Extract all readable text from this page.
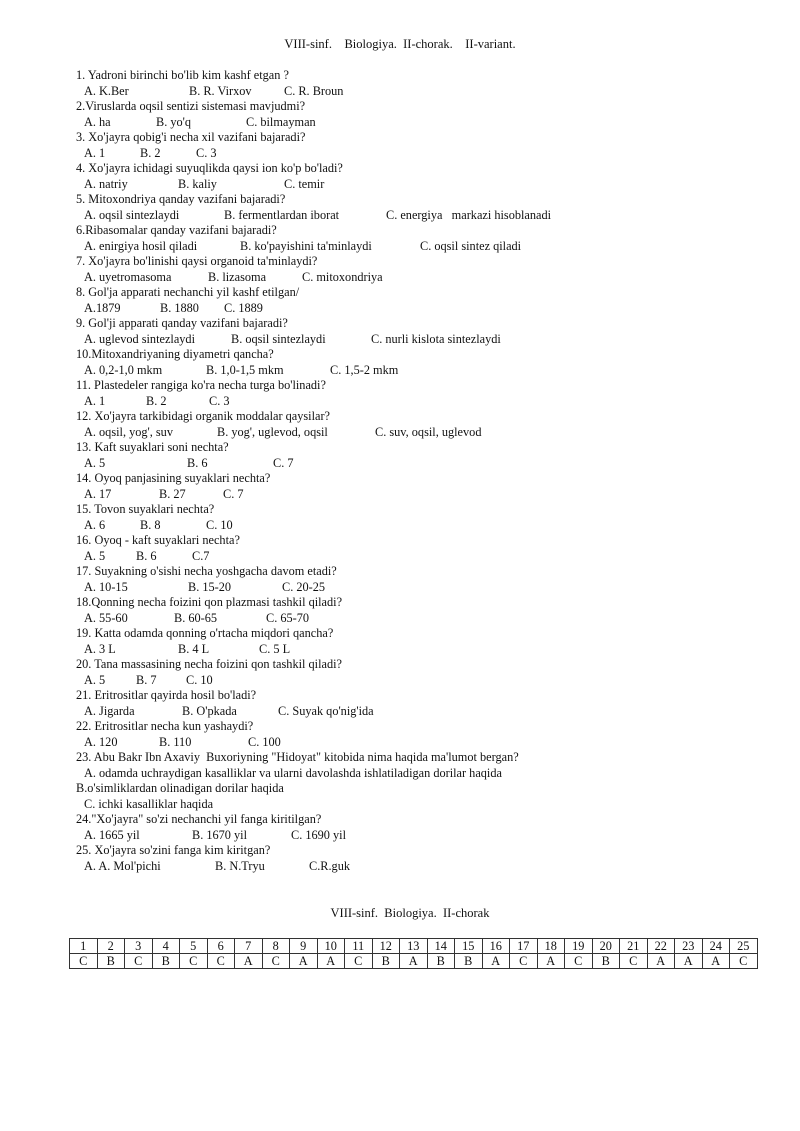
VIII-sinf.    Biologiya.  II-chorak.    II-variant.
1. Yadroni birinchi bo'lib kim kashf etgan ?
A. K.Ber	B. R. Virxov	C. R. Broun
2.Viruslarda oqsil sentizi sistemasi mavjudmi?
A. ha	B. yo'q	C. bilmayman
3. Xo'jayra qobig'i necha xil vazifani bajaradi?
A. 1	B. 2	C. 3
4. Xo'jayra ichidagi suyuqlikda qaysi ion ko'p bo'ladi?
A. natriy	B. kaliy	C. temir
5. Mitoxondriya qanday vazifani bajaradi?
A. oqsil sintezlaydi	B. fermentlardan iborat	C. energiya   markazi hisoblanadi
6.Ribasomalar qanday vazifani bajaradi?
A. enirgiya hosil qiladi	B. ko'payishini ta'minlaydi	C. oqsil sintez qiladi
7. Xo'jayra bo'linishi qaysi organoid ta'minlaydi?
A. uyetromasoma	B. lizasoma	C. mitoxondriya
8. Gol'ja apparati nechanchi yil kashf etilgan/
A.1879	B. 1880 C. 1889
9. Gol'ji apparati qanday vazifani bajaradi?
A. uglevod sintezlaydi	B. oqsil sintezlaydi	C. nurli kislota sintezlaydi
10.Mitoxandriyaning diyametri qancha?
A. 0,2-1,0 mkm	B. 1,0-1,5 mkm	C. 1,5-2 mkm
11. Plastedeler rangiga ko'ra necha turga bo'linadi?
A. 1	B. 2	C. 3
12. Xo'jayra tarkibidagi organik moddalar qaysilar?
A. oqsil, yog', suv	B. yog', uglevod, oqsil	C. suv, oqsil, uglevod
13. Kaft suyaklari soni nechta?
A. 5	B. 6	C. 7
14. Oyoq panjasining suyaklari nechta?
A. 17	B. 27	C. 7
15. Tovon suyaklari nechta?
A. 6	B. 8	C. 10
16. Oyoq - kaft suyaklari nechta?
A. 5	B. 6	C.7
17. Suyakning o'sishi necha yoshgacha davom etadi?
A. 10-15	B. 15-20	C. 20-25
18.Qonning necha foizini qon plazmasi tashkil qiladi?
A. 55-60	B. 60-65	C. 65-70
19. Katta odamda qonning o'rtacha miqdori qancha?
A. 3 L	B. 4 L	C. 5 L
20. Tana massasining necha foizini qon tashkil qiladi?
A. 5	B. 7 C. 10
21. Eritrositlar qayirda hosil bo'ladi?
A. Jigarda	B. O'pkada	C. Suyak qo'nig'ida
22. Eritrositlar necha kun yashaydi?
A. 120	B. 110	C. 100
23. Abu Bakr Ibn Axaviy  Buxoriyning "Hidoyat" kitobida nima haqida ma'lumot bergan?
A. odamda uchraydigan kasalliklar va ularni davolashda ishlatiladigan dorilar haqida
B.o'simliklardan olinadigan dorilar haqida
C. ichki kasalliklar haqida
24."Xo'jayra" so'zi nechanchi yil fanga kiritilgan?
A. 1665 yil	B. 1670 yil	C. 1690 yil
25. Xo'jayra so'zini fanga kim kiritgan?
A. A. Mol'pichi	B. N.Tryu	C.R.guk
VIII-sinf.  Biologiya.  II-chorak
1	2	3	4	5	6	7	8	9	10	11	12	13	14	15	16	17	18	19	20	21	22	23	24	25
C	B	C	B	C	C	A	C	A	A	C	B	A	B	B	A	C	A	C	B	C	A	A	A	C
